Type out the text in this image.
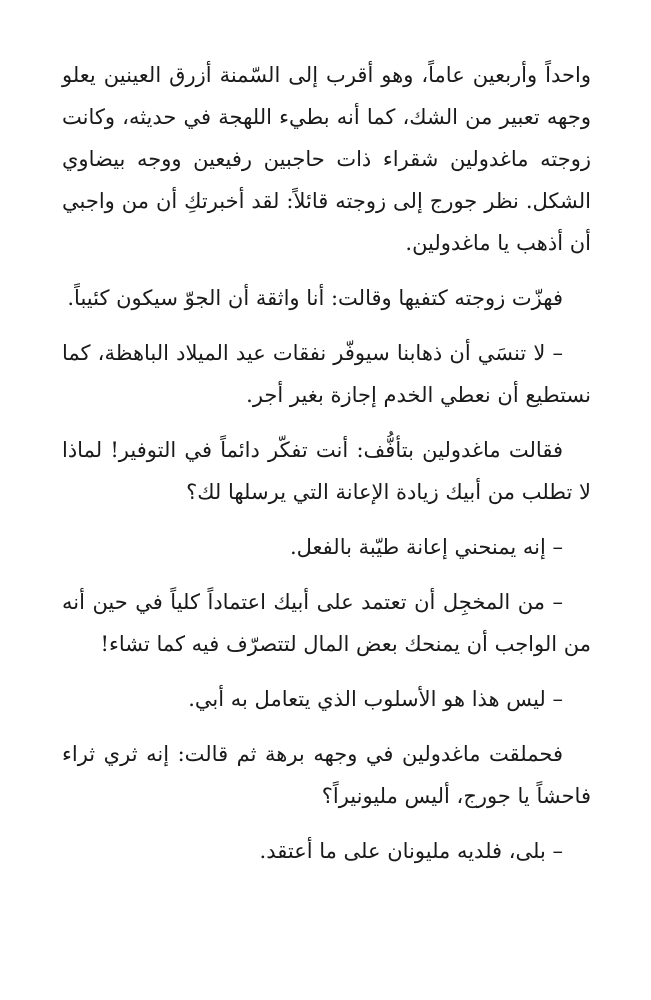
واحداً وأربعين عاماً، وهو أقرب إلى السّمنة أزرق العينين يعلو وجهه تعبير من الشك، كما أنه بطيء اللهجة في حديثه، وكانت زوجته ماغدولين شقراء ذات حاجبين رفيعين ووجه بيضاوي الشكل. نظر جورج إلى زوجته قائلاً: لقد أخبرتكِ أن من واجبي أن أذهب يا ماغدولين.

فهزّت زوجته كتفيها وقالت: أنا واثقة أن الجوّ سيكون كئيباً.

– لا تنسَي أن ذهابنا سيوفّر نفقات عيد الميلاد الباهظة، كما نستطيع أن نعطي الخدم إجازة بغير أجر.

فقالت ماغدولين بتأفُّف: أنت تفكّر دائماً في التوفير! لماذا لا تطلب من أبيك زيادة الإعانة التي يرسلها لك؟

– إنه يمنحني إعانة طيّبة بالفعل.

– من المخجِل أن تعتمد على أبيك اعتماداً كلياً في حين أنه من الواجب أن يمنحك بعض المال لتتصرّف فيه كما تشاء!

– ليس هذا هو الأسلوب الذي يتعامل به أبي.

فحملقت ماغدولين في وجهه برهة ثم قالت: إنه ثري ثراء فاحشاً يا جورج، أليس مليونيراً؟

– بلى، فلديه مليونان على ما أعتقد.
